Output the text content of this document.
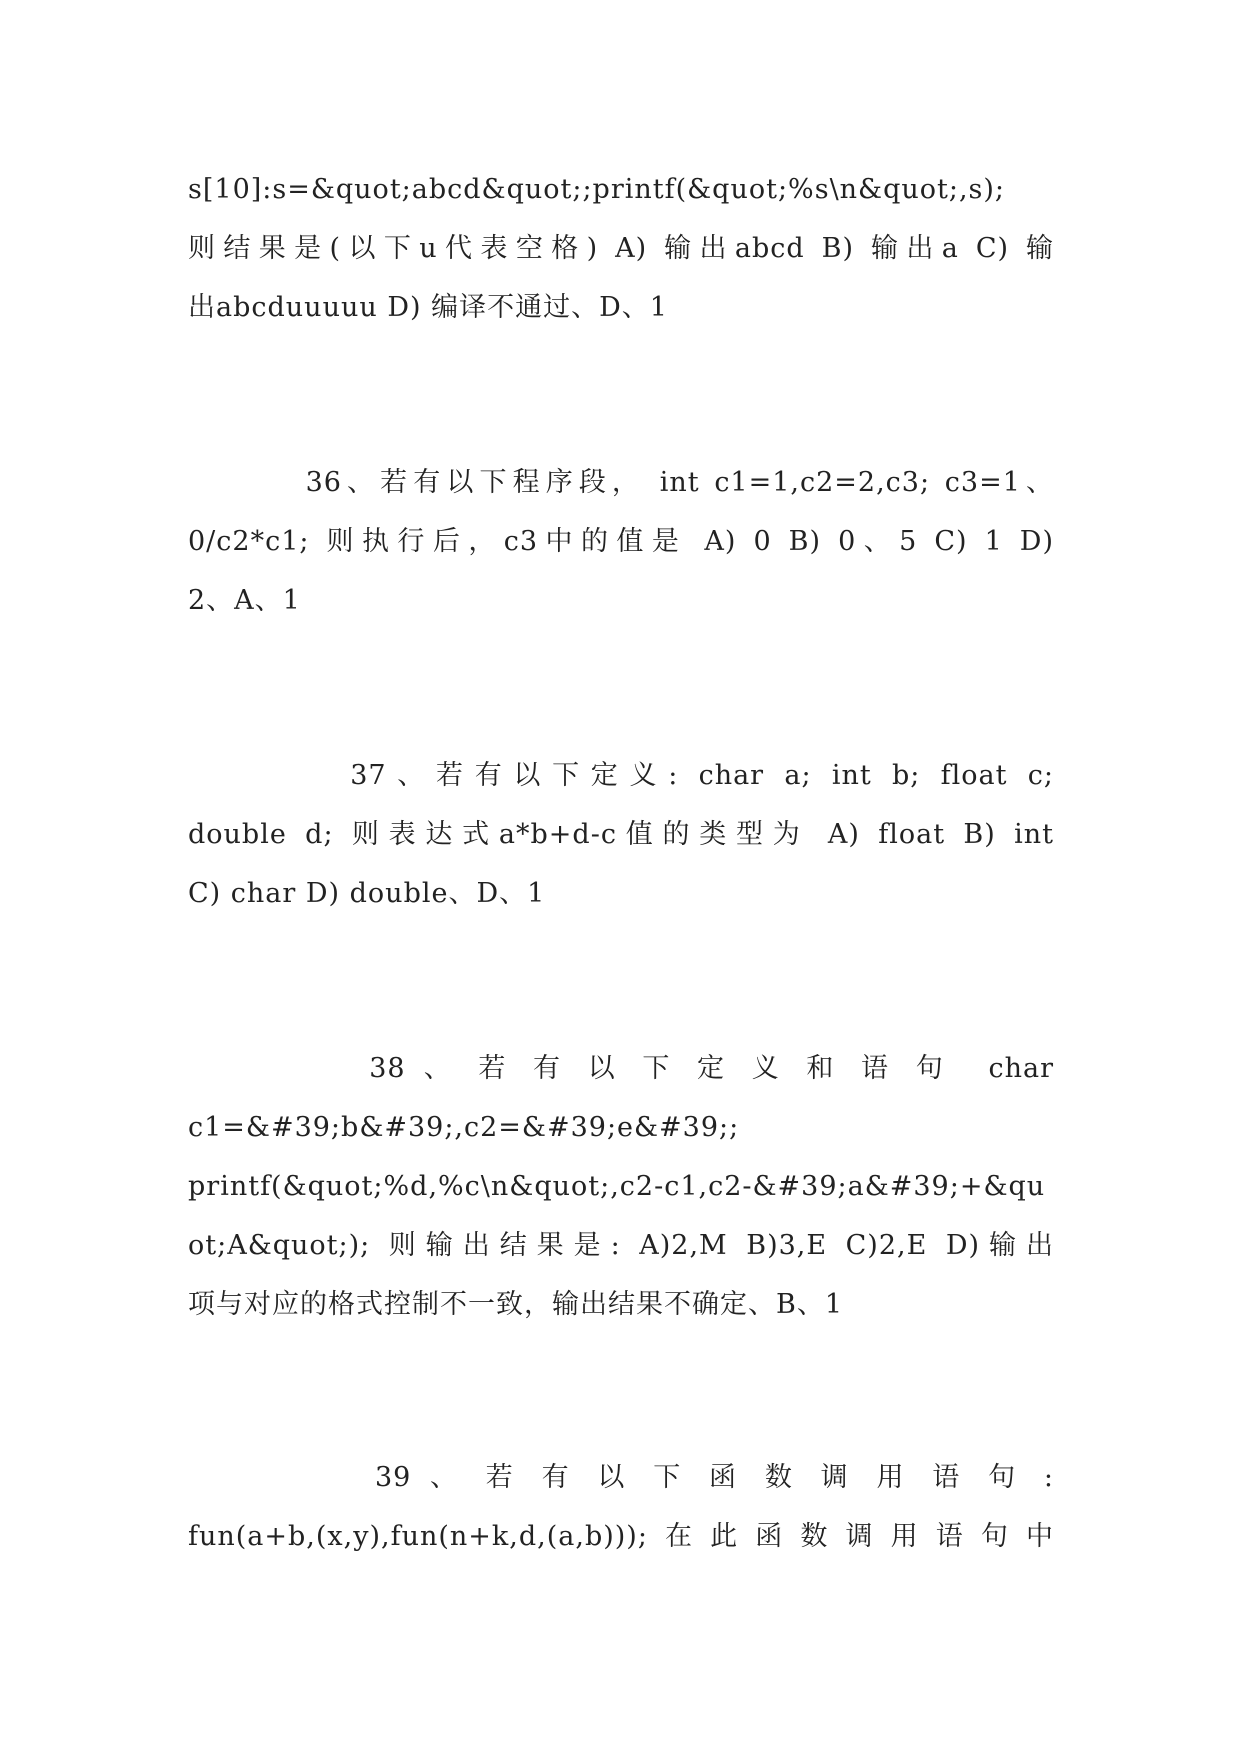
s[10]:s=&quot;abcd&quot;;printf(&quot;%s\n&quot;,s);
则结果是(以下u代表空格) A) 输出abcd B) 输出a C) 输
出abcduuuuu D) 编译不通过、D、1
36、若有以下程序段， int c1=1,c2=2,c3; c3=1、
0/c2*c1; 则执行后，c3中的值是 A) 0 B) 0、5 C) 1 D)
2、A、1
37、若有以下定义: char a; int b; float c;
double d; 则表达式a*b+d-c值的类型为 A) float B) int
C) char D) double、D、1
38 、 若 有 以 下 定 义 和 语 句  char
c1=&#39;b&#39;,c2=&#39;e&#39;;
printf(&quot;%d,%c\n&quot;,c2-c1,c2-&#39;a&#39;+&qu
ot;A&quot;); 则输出结果是: A)2,M B)3,E C)2,E D)输出
项与对应的格式控制不一致，输出结果不确定、B、1
39 、 若 有 以 下 函 数 调 用 语 句 :
fun(a+b,(x,y),fun(n+k,d,(a,b)));在此函数调用语句中
